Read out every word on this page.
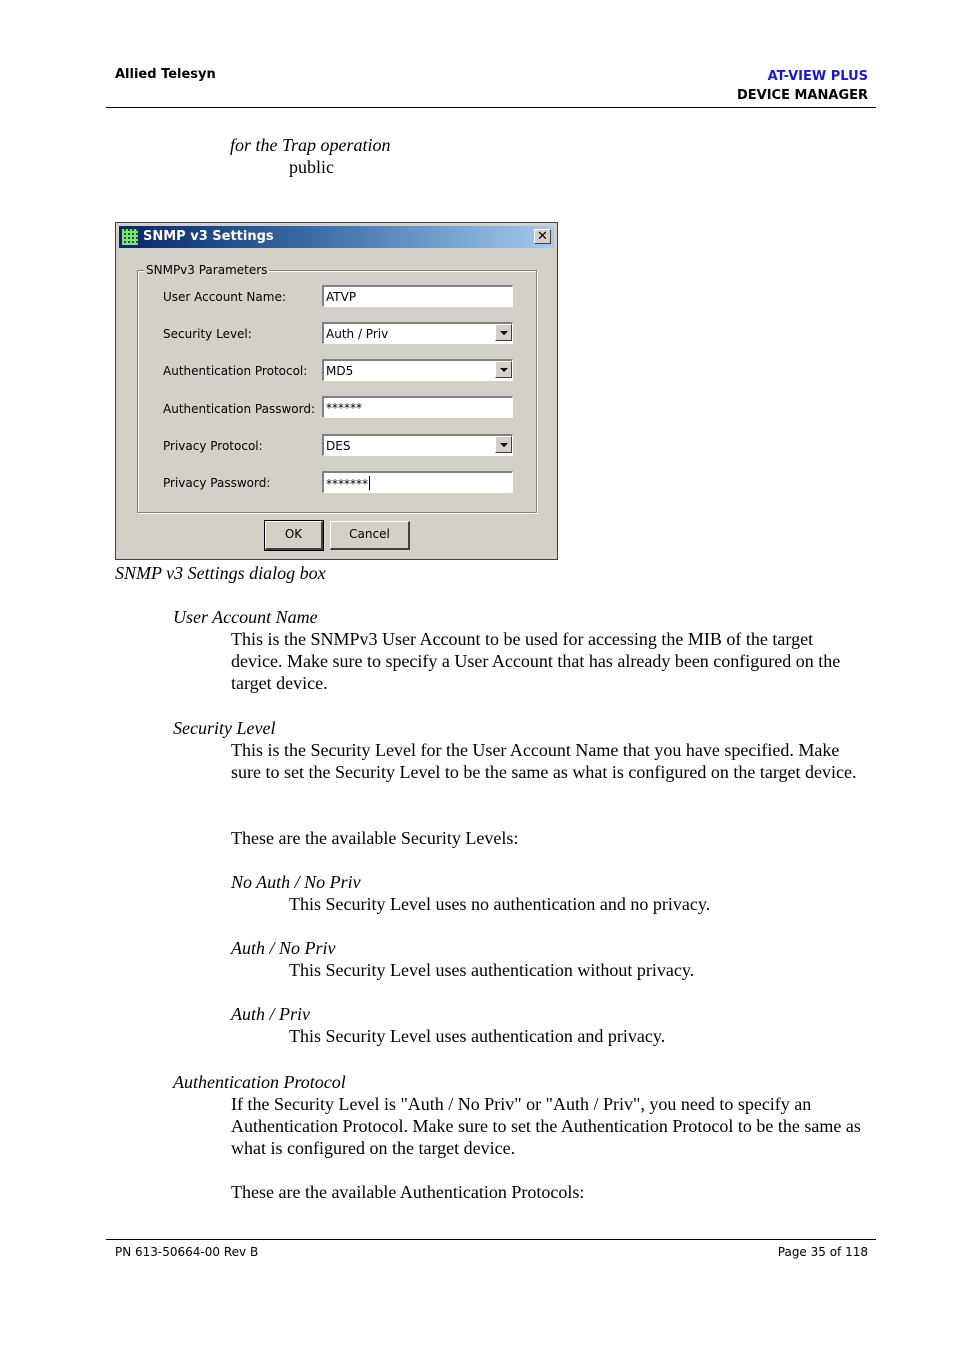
Allied Telesyn	AT-VIEW PLUS
DEVICE MANAGER

for the Trap operation

public

SNMP v3 Settings	✕
SNMPv3 Parameters
User Account Name:	ATVP
Security Level:	Auth / Priv
Authentication Protocol:	MD5
Authentication Password: ******
Privacy Protocol:	DES
Privacy Password:	*******
OK	Cancel

SNMP v3 Settings dialog box

User Account Name

This is the SNMPv3 User Account to be used for accessing the MIB of the target device. Make sure to specify a User Account that has already been configured on the target device.

Security Level

This is the Security Level for the User Account Name that you have specified. Make sure to set the Security Level to be the same as what is configured on the target device.

These are the available Security Levels:

No Auth / No Priv

This Security Level uses no authentication and no privacy.

Auth / No Priv

This Security Level uses authentication without privacy.

Auth / Priv

This Security Level uses authentication and privacy.

Authentication Protocol

If the Security Level is "Auth / No Priv" or "Auth / Priv", you need to specify an Authentication Protocol. Make sure to set the Authentication Protocol to be the same as what is configured on the target device.

These are the available Authentication Protocols:

PN 613-50664-00 Rev B	Page 35 of 118
